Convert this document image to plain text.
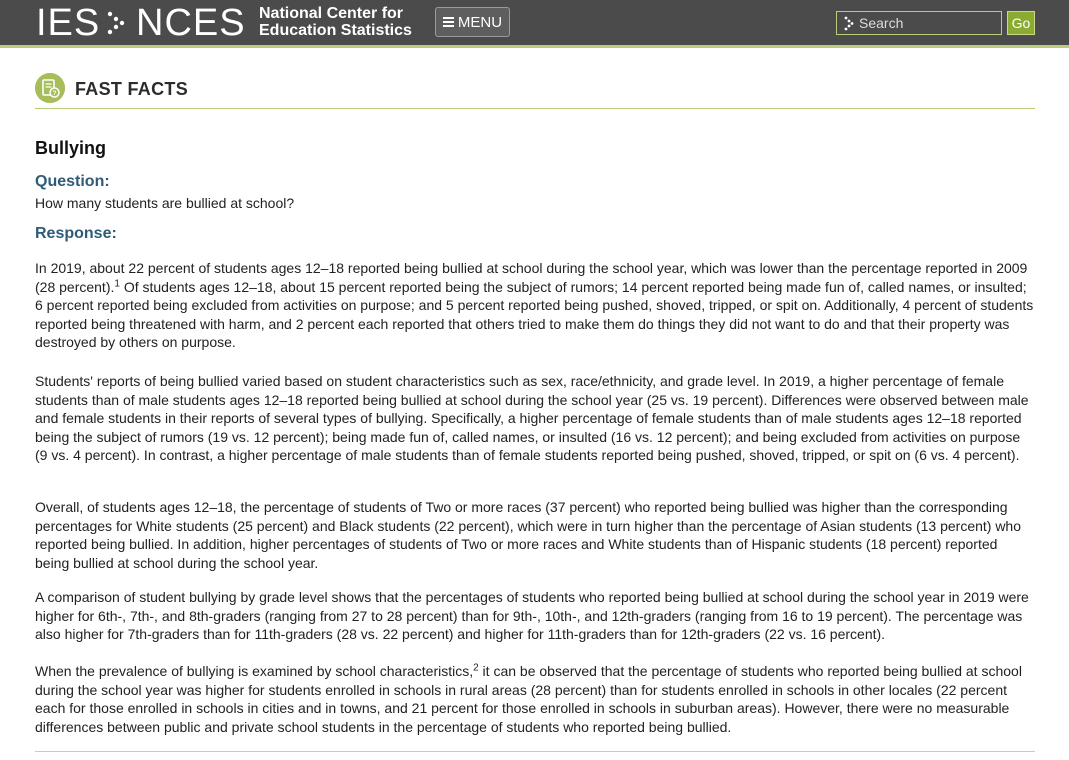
IES NCES National Center for
Education Statistics	MENU
Search	Go
? FAST FACTS
Bullying
Question:
How many students are bullied at school?
Response:

In 2019, about 22 percent of students ages 12–18 reported being bullied at school during the school year, which was lower than the percentage reported in 2009 (28 percent).$^1$ Of students ages 12–18, about 15 percent reported being the subject of rumors; 14 percent reported being made fun of, called names, or insulted; 6 percent reported being excluded from activities on purpose; and 5 percent reported being pushed, shoved, tripped, or spit on. Additionally, 4 percent of students reported being threatened with harm, and 2 percent each reported that others tried to make them do things they did not want to do and that their property was destroyed by others on purpose.

Students' reports of being bullied varied based on student characteristics such as sex, race/ethnicity, and grade level. In 2019, a higher percentage of female students than of male students ages 12–18 reported being bullied at school during the school year (25 vs. 19 percent). Differences were observed between male and female students in their reports of several types of bullying. Specifically, a higher percentage of female students than of male students ages 12–18 reported being the subject of rumors (19 vs. 12 percent); being made fun of, called names, or insulted (16 vs. 12 percent); and being excluded from activities on purpose (9 vs. 4 percent). In contrast, a higher percentage of male students than of female students reported being pushed, shoved, tripped, or spit on (6 vs. 4 percent).

Overall, of students ages 12–18, the percentage of students of Two or more races (37 percent) who reported being bullied was higher than the corresponding percentages for White students (25 percent) and Black students (22 percent), which were in turn higher than the percentage of Asian students (13 percent) who reported being bullied. In addition, higher percentages of students of Two or more races and White students than of Hispanic students (18 percent) reported being bullied at school during the school year.

A comparison of student bullying by grade level shows that the percentages of students who reported being bullied at school during the school year in 2019 were higher for 6th-, 7th-, and 8th-graders (ranging from 27 to 28 percent) than for 9th-, 10th-, and 12th-graders (ranging from 16 to 19 percent). The percentage was also higher for 7th-graders than for 11th-graders (28 vs. 22 percent) and higher for 11th-graders than for 12th-graders (22 vs. 16 percent).

When the prevalence of bullying is examined by school characteristics,$^2$ it can be observed that the percentage of students who reported being bullied at school during the school year was higher for students enrolled in schools in rural areas (28 percent) than for students enrolled in schools in other locales (22 percent each for those enrolled in schools in cities and in towns, and 21 percent for those enrolled in schools in suburban areas). However, there were no measurable differences between public and private school students in the percentage of students who reported being bullied.
